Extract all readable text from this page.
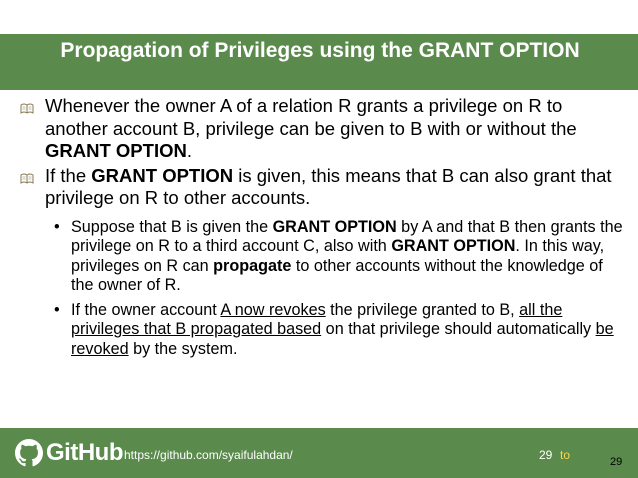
Propagation of Privileges using the GRANT OPTION
Whenever the owner A of a relation R grants a privilege on R to another account B, privilege can be given to B with or without the GRANT OPTION.
If the GRANT OPTION is given, this means that B can also grant that privilege on R to other accounts.
• Suppose that B is given the GRANT OPTION by A and that B then grants the privilege on R to a third account C, also with GRANT OPTION. In this way, privileges on R can propagate to other accounts without the knowledge of the owner of R.
• If the owner account A now revokes the privilege granted to B, all the privileges that B propagated based on that privilege should automatically be revoked by the system.
GitHub https://github.com/syaifulahdan/	29 to	29
